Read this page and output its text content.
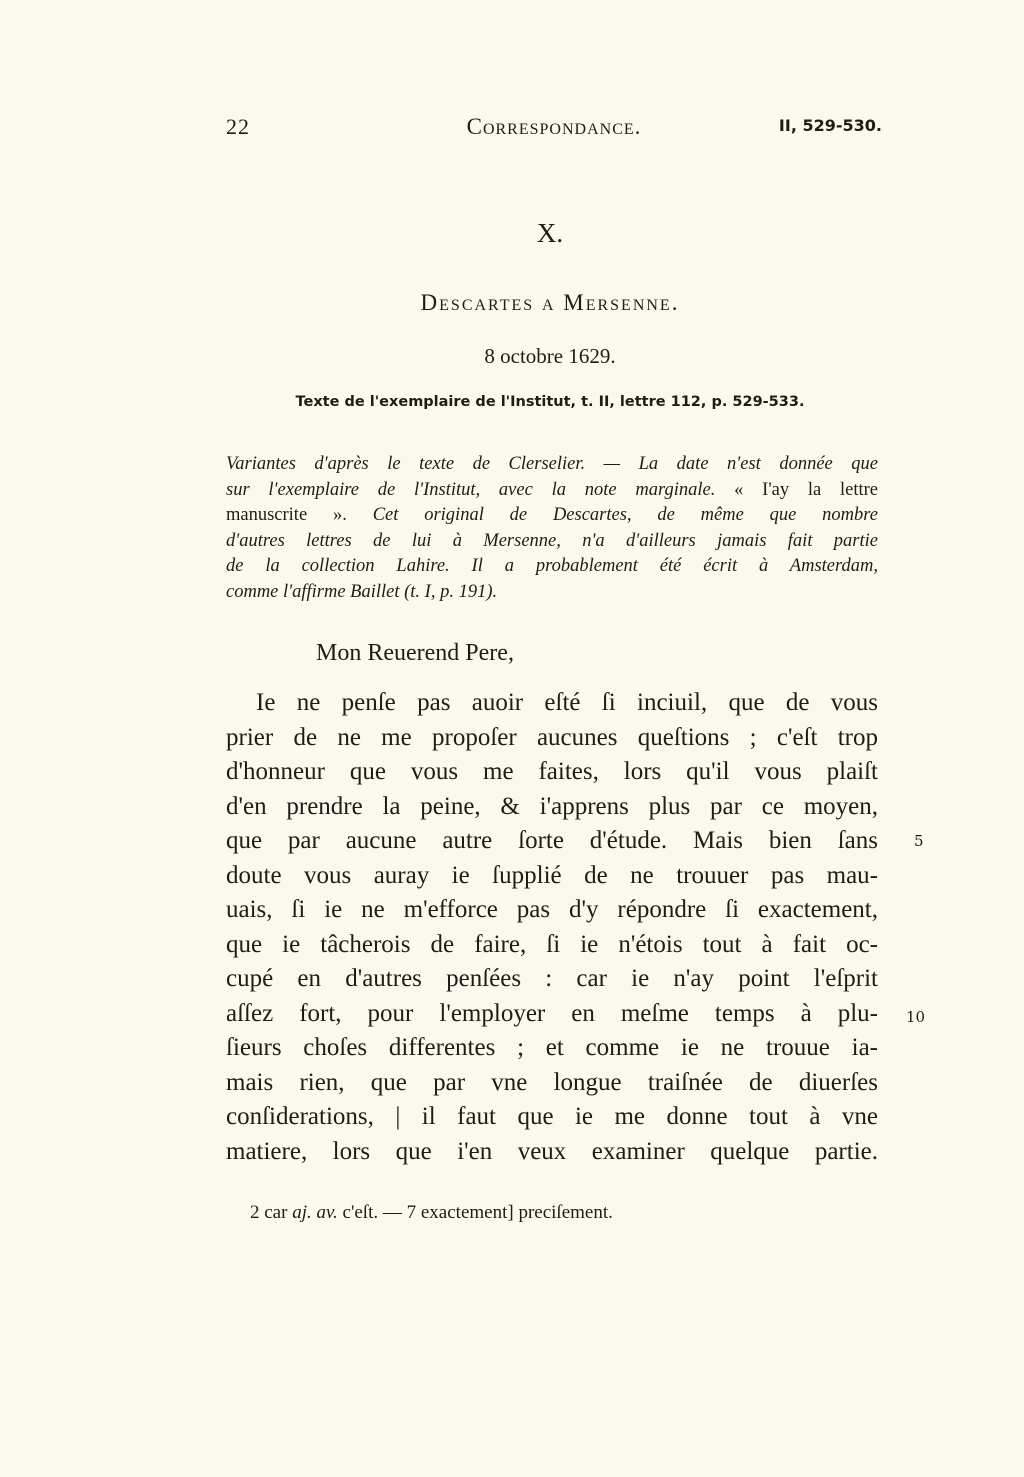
22	Correspondance.	II, 529-530.
X.
Descartes a Mersenne.
8 octobre 1629.
Texte de l'exemplaire de l'Institut, t. II, lettre 112, p. 529-533.
Variantes d'après le texte de Clerselier. — La date n'est donnée que
sur l'exemplaire de l'Institut, avec la note marginale. « I'ay la lettre
manuscrite ». Cet original de Descartes, de même que nombre
d'autres lettres de lui à Mersenne, n'a d'ailleurs jamais fait partie
de la collection Lahire. Il a probablement été écrit à Amsterdam,
comme l'affirme Baillet (t. I, p. 191).
Mon Reuerend Pere,
Ie ne penſe pas auoir eſté ſi inciuil, que de vous
prier de ne me propoſer aucunes queſtions ; c'eſt trop
d'honneur que vous me faites, lors qu'il vous plaiſt
d'en prendre la peine, & i'apprens plus par ce moyen,
que par aucune autre ſorte d'étude. Mais bien ſans
doute vous auray ie ſupplié de ne trouuer pas mau-
uais, ſi ie ne m'efforce pas d'y répondre ſi exactement,
que ie tâcherois de faire, ſi ie n'étois tout à fait oc-
cupé en d'autres penſées : car ie n'ay point l'eſprit
aſſez fort, pour l'employer en meſme temps à plu-
ſieurs choſes differentes ; et comme ie ne trouue ia-
mais rien, que par vne longue traiſnée de diuerſes
conſiderations, | il faut que ie me donne tout à vne
matiere, lors que i'en veux examiner quelque partie.
5
10
2 car aj. av. c'eſt. — 7 exactement] preciſement.
